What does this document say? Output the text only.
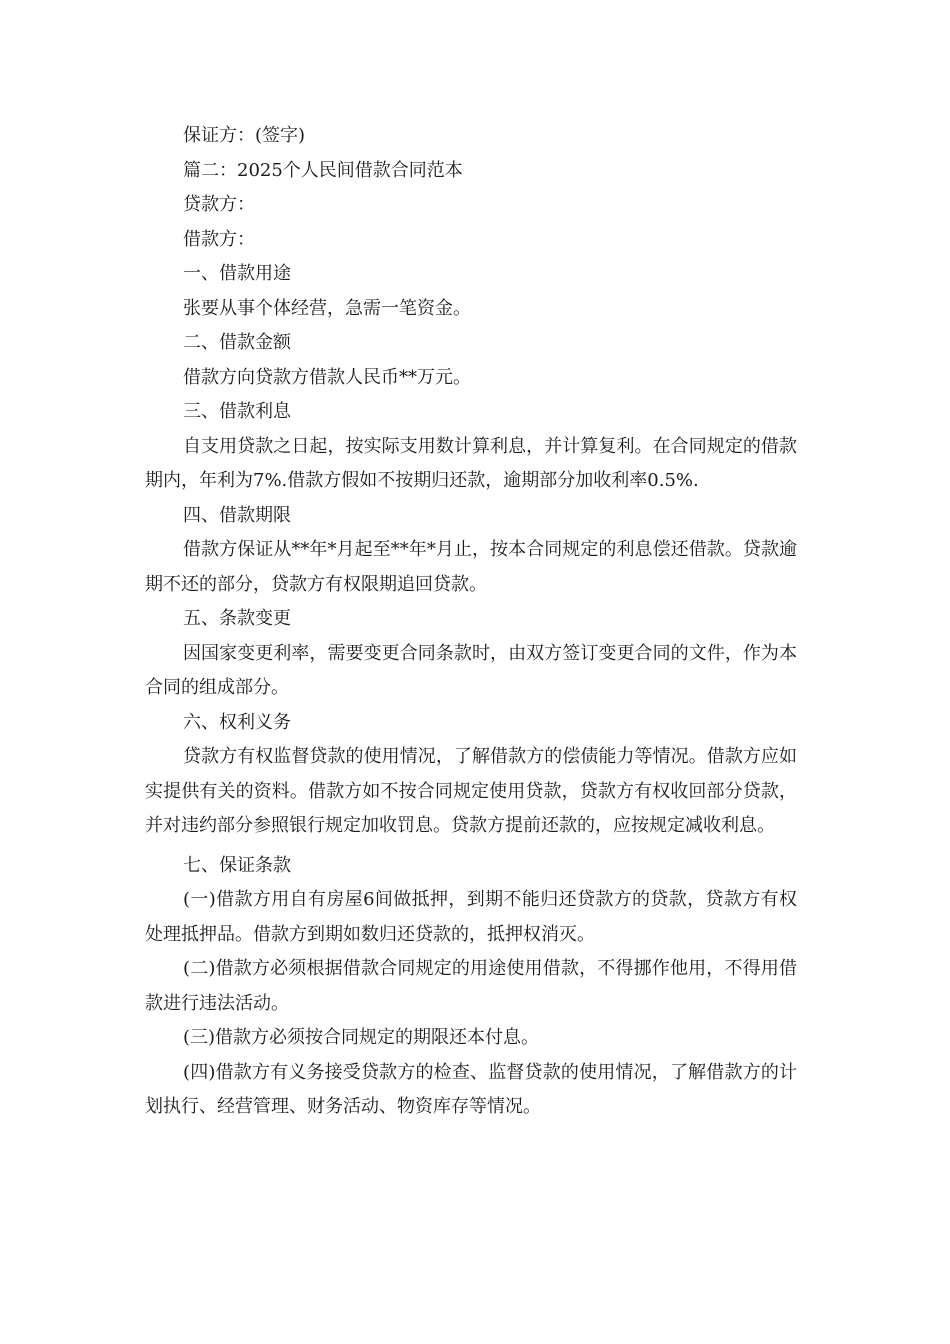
保证方：(签字)

篇二：2025个人民间借款合同范本

贷款方：

借款方：

一、借款用途

张要从事个体经营，急需一笔资金。

二、借款金额

借款方向贷款方借款人民币**万元。

三、借款利息

自支用贷款之日起，按实际支用数计算利息，并计算复利。在合同规定的借款期内，年利为7%.借款方假如不按期归还款，逾期部分加收利率0.5%.

四、借款期限

借款方保证从**年*月起至**年*月止，按本合同规定的利息偿还借款。贷款逾期不还的部分，贷款方有权限期追回贷款。

五、条款变更

因国家变更利率，需要变更合同条款时，由双方签订变更合同的文件，作为本合同的组成部分。

六、权利义务

贷款方有权监督贷款的使用情况，了解借款方的偿债能力等情况。借款方应如实提供有关的资料。借款方如不按合同规定使用贷款，贷款方有权收回部分贷款，并对违约部分参照银行规定加收罚息。贷款方提前还款的，应按规定减收利息。

七、保证条款

(一)借款方用自有房屋6间做抵押，到期不能归还贷款方的贷款，贷款方有权处理抵押品。借款方到期如数归还贷款的，抵押权消灭。

(二)借款方必须根据借款合同规定的用途使用借款，不得挪作他用，不得用借款进行违法活动。

(三)借款方必须按合同规定的期限还本付息。

(四)借款方有义务接受贷款方的检查、监督贷款的使用情况，了解借款方的计划执行、经营管理、财务活动、物资库存等情况。
